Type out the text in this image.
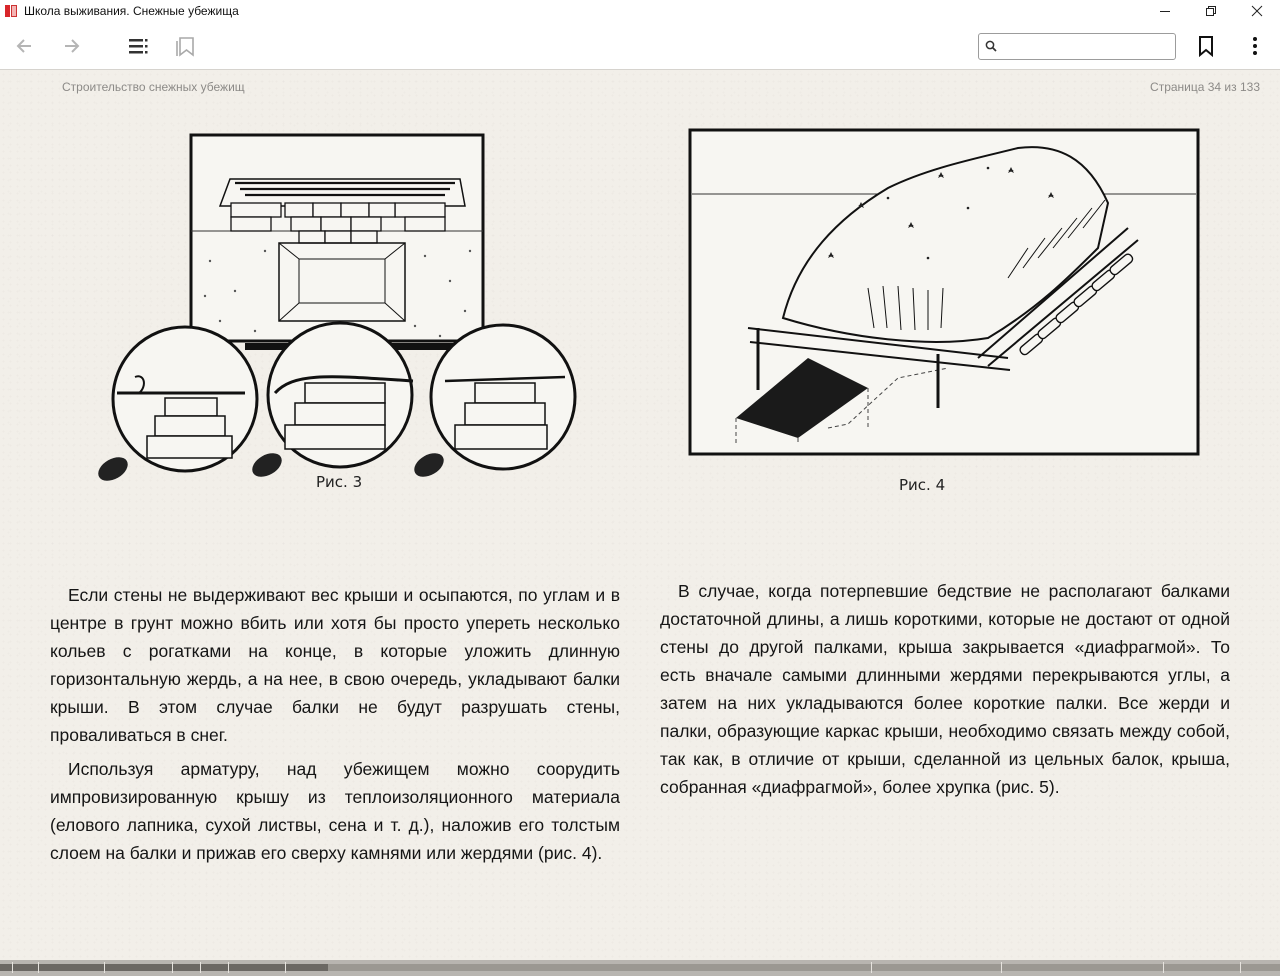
Школа выживания. Снежные убежища
Строительство снежных убежищ	Страница 34 из 133
Рис. 3	Рис. 4

Если стены не выдерживают вес крыши и осыпаются, по углам и в центре в грунт можно вбить или хотя бы просто упереть несколько кольев с рогатками на конце, в которые уложить длинную горизонтальную жердь, а на нее, в свою очередь, укладывают балки крыши. В этом случае балки не будут разрушать стены, проваливаться в снег.

Используя арматуру, над убежищем можно соорудить импровизированную крышу из теплоизоляционного материала (елового лапника, сухой листвы, сена и т. д.), наложив его толстым слоем на балки и прижав его сверху камнями или жердями (рис. 4).

В случае, когда потерпевшие бедствие не располагают балками достаточной длины, а лишь короткими, которые не достают от одной стены до другой палками, крыша закрывается «диафрагмой». То есть вначале самыми длинными жердями перекрываются углы, а затем на них укладываются более короткие палки. Все жерди и палки, образующие каркас крыши, необходимо связать между собой, так как, в отличие от крыши, сделанной из цельных балок, крыша, собранная «диафрагмой», более хрупка (рис. 5).
